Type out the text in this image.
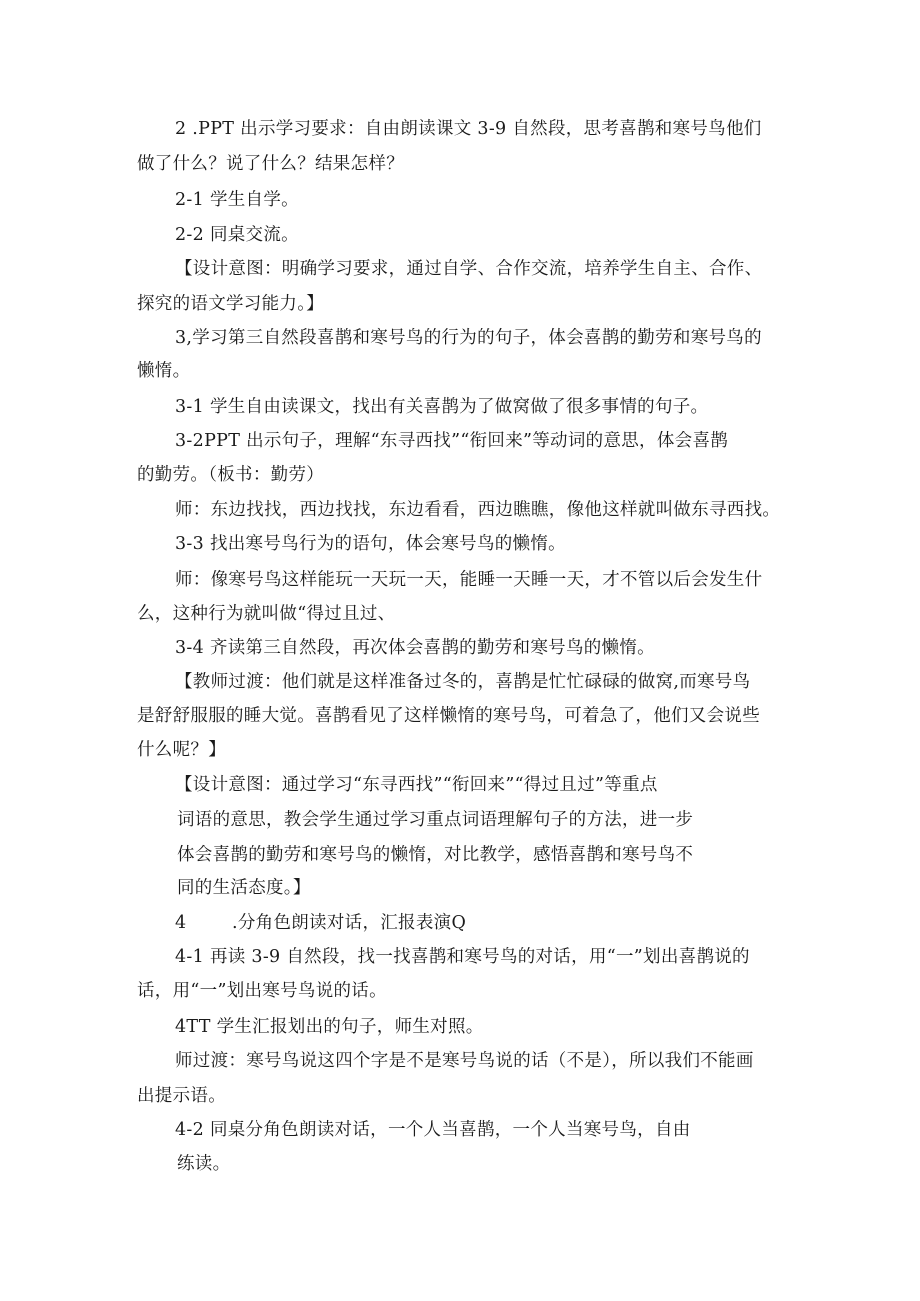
2 .PPT 出示学习要求：自由朗读课文 3-9 自然段，思考喜鹊和寒号鸟他们
做了什么？说了什么？结果怎样？
2-1 学生自学。
2-2 同桌交流。
【设计意图：明确学习要求，通过自学、合作交流，培养学生自主、合作、
探究的语文学习能力。】
3,学习第三自然段喜鹊和寒号鸟的行为的句子，体会喜鹊的勤劳和寒号鸟的
懒惰。
3-1 学生自由读课文，找出有关喜鹊为了做窝做了很多事情的句子。
3-2PPT 出示句子，理解“东寻西找”“衔回来”等动词的意思，体会喜鹊
的勤劳。（板书：勤劳）
师：东边找找，西边找找，东边看看，西边瞧瞧，像他这样就叫做东寻西找。
3-3 找出寒号鸟行为的语句，体会寒号鸟的懒惰。
师：像寒号鸟这样能玩一天玩一天，能睡一天睡一天，才不管以后会发生什
么，这种行为就叫做“得过且过、
3-4 齐读第三自然段，再次体会喜鹊的勤劳和寒号鸟的懒惰。
【教师过渡：他们就是这样准备过冬的，喜鹊是忙忙碌碌的做窝,而寒号鸟
是舒舒服服的睡大觉。喜鹊看见了这样懒惰的寒号鸟，可着急了，他们又会说些
什么呢？】
【设计意图：通过学习“东寻西找”“衔回来”“得过且过”等重点
词语的意思，教会学生通过学习重点词语理解句子的方法，进一步
体会喜鹊的勤劳和寒号鸟的懒惰，对比教学，感悟喜鹊和寒号鸟不
同的生活态度。】
4	.分角色朗读对话，汇报表演Q
4-1 再读 3-9 自然段，找一找喜鹊和寒号鸟的对话，用“一”划出喜鹊说的
话，用“一”划出寒号鸟说的话。
4TT 学生汇报划出的句子，师生对照。
师过渡：寒号鸟说这四个字是不是寒号鸟说的话（不是），所以我们不能画
出提示语。
4-2 同桌分角色朗读对话，一个人当喜鹊，一个人当寒号鸟，自由
练读。
